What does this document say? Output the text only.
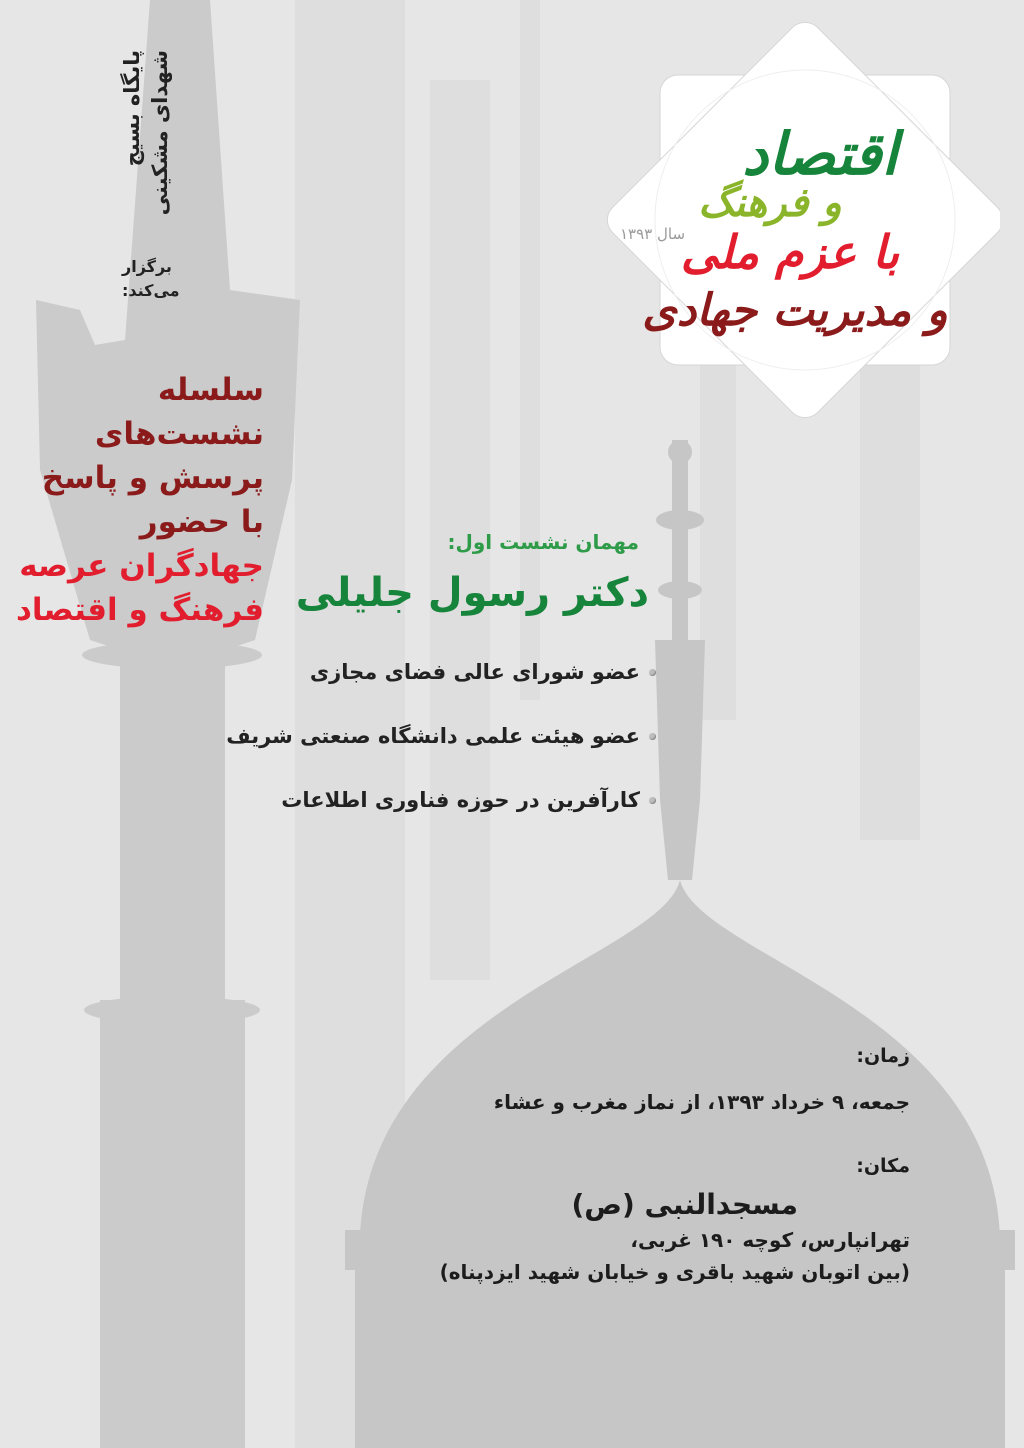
پایگاه بسیج شهدای مشکینی
برگزار
می‌کند:
سلسله نشست‌های
پرسش و پاسخ
با حضور
جهادگران عرصه
فرهنگ و اقتصاد
اقتصاد
و فرهنگ
با عزم ملی
و مدیریت جهادی
سال ۱۳۹۳
مهمان نشست اول:
دکتر رسول جلیلی
عضو شورای عالی فضای مجازی
عضو هیئت علمی دانشگاه صنعتی شریف
کارآفرین در حوزه فناوری اطلاعات
زمان:
جمعه، ۹ خرداد ۱۳۹۳، از نماز مغرب و عشاء
مکان:
مسجدالنبی (ص)
تهرانپارس، کوچه ۱۹۰ غربی،
(بین اتوبان شهید باقری و خیابان شهید ایزدپناه)
